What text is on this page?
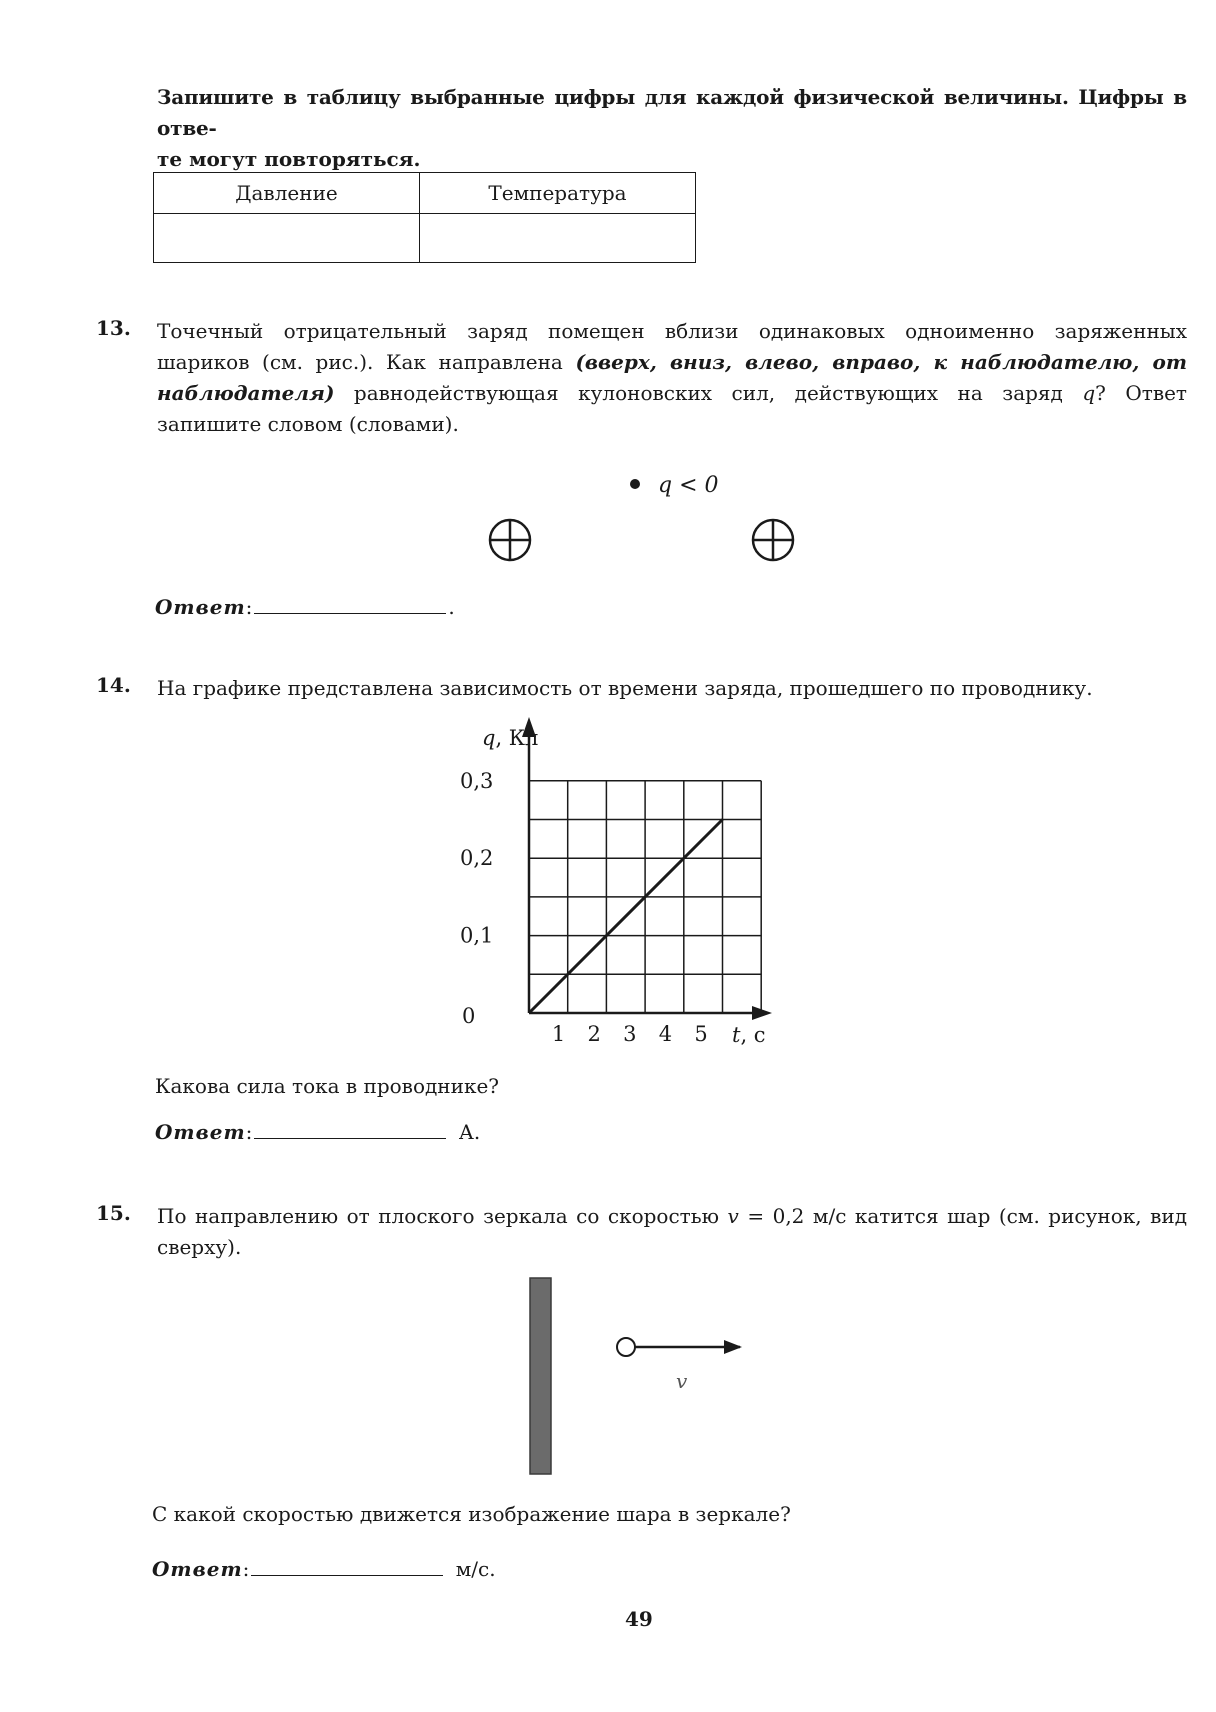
Запишите в таблицу выбранные цифры для каждой физической величины. Цифры в отве-
те могут повторяться.
Давление	Температура

13. Точечный отрицательный заряд помещен вблизи одинаковых одноименно заряженных шариков (см. рис.). Как направлена (вверх, вниз, влево, вправо, к наблюдателю, от наблюдателя) равнодействующая кулоновских сил, действующих на заряд q? Ответ запишите словом (словами).
q < 0
Ответ:	.
14. На графике представлена зависимость от времени заряда, прошедшего по проводнику.
q, Кл
t, с
0
1 2 3 4 5
0,1
0,2
0,3
Какова сила тока в проводнике?
Ответ:	А.
15. По направлению от плоского зеркала со скоростью v = 0,2 м/с катится шар (см. рисунок, вид сверху).
v
С какой скоростью движется изображение шара в зеркале?
Ответ:	м/с.
49
